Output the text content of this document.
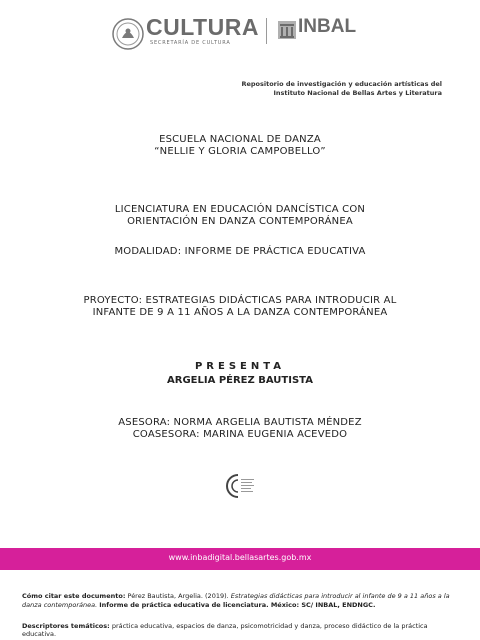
CULTURA
SECRETARÍA DE CULTURA
INBAL
Repositorio de investigación y educación artísticas del
Instituto Nacional de Bellas Artes y Literatura
ESCUELA NACIONAL DE DANZA
“NELLIE Y GLORIA CAMPOBELLO”
LICENCIATURA EN EDUCACIÓN DANCÍSTICA CON
ORIENTACIÓN EN DANZA CONTEMPORÁNEA
MODALIDAD: INFORME DE PRÁCTICA EDUCATIVA
PROYECTO: ESTRATEGIAS DIDÁCTICAS PARA INTRODUCIR AL
INFANTE DE 9 A 11 AÑOS A LA DANZA CONTEMPORÁNEA
PRESENTA
ARGELIA PÉREZ BAUTISTA
ASESORA: NORMA ARGELIA BAUTISTA MÉNDEZ
COASESORA: MARINA EUGENIA ACEVEDO
www.inbadigital.bellasartes.gob.mx
Cómo citar este documento: Pérez Bautista, Argelia. (2019). Estrategias didácticas para introducir al infante de 9 a 11 años a la danza contemporánea. Informe de práctica educativa de licenciatura. México: SC/ INBAL, ENDNGC.
Descriptores temáticos: práctica educativa, espacios de danza, psicomotricidad y danza, proceso didáctico de la práctica educativa.
